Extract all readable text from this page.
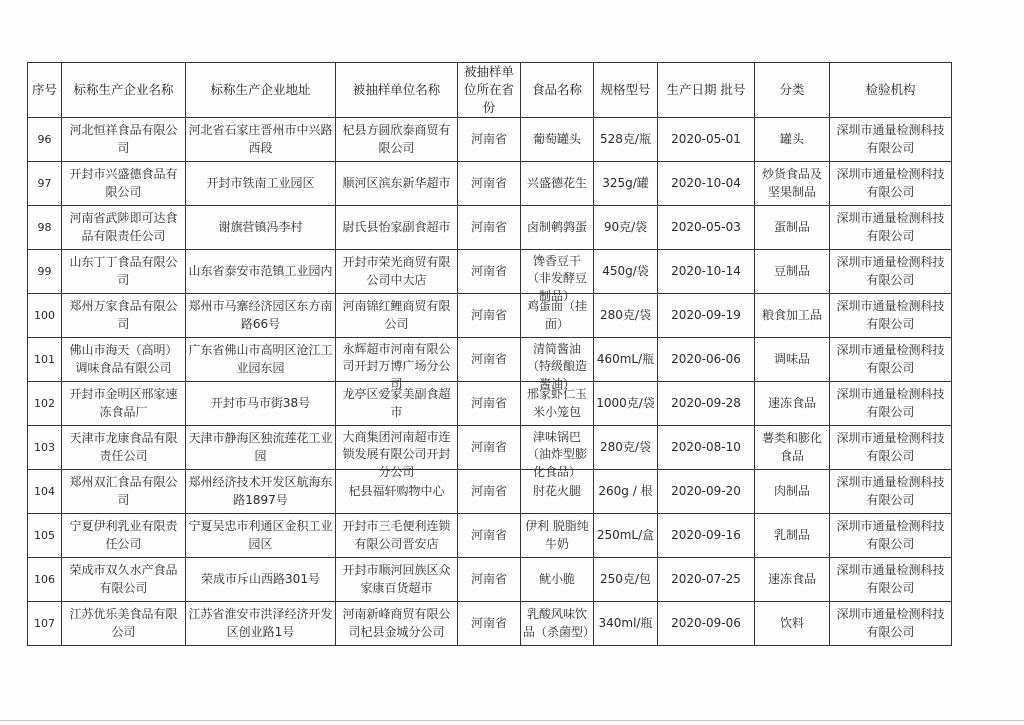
序号	标称生产企业名称	标称生产企业地址	被抽样单位名称	被抽样单位所在省份	食品名称	规格型号	生产日期 批号	分类	检验机构

96	河北恒祥食品有限公司	河北省石家庄晋州市中兴路西段	杞县方圆欣泰商贸有限公司	河南省	葡萄罐头	528克/瓶	2020-05-01	罐头	深圳市通量检测科技有限公司

97	开封市兴盛德食品有限公司	开封市铁南工业园区	顺河区滨东新华超市	河南省	兴盛德花生	325g/罐	2020-10-04	炒货食品及坚果制品	深圳市通量检测科技有限公司

98	河南省武陟即可达食品有限责任公司	谢旗营镇冯李村	尉氏县怡家副食超市	河南省	卤制鹌鹑蛋	90克/袋	2020-05-03	蛋制品	深圳市通量检测科技有限公司

99	山东丁丁食品有限公司	山东省泰安市范镇工业园内	开封市荣光商贸有限公司中大店	河南省	馋香豆干（非发酵豆制品）	450g/袋	2020-10-14	豆制品	深圳市通量检测科技有限公司

100	郑州万家食品有限公司	郑州市马寨经济园区东方南路66号	河南锦红鲤商贸有限公司	河南省	鸡蛋面（挂面）	280克/袋	2020-09-19	粮食加工品	深圳市通量检测科技有限公司

101	佛山市海天（高明）调味食品有限公司	广东省佛山市高明区沧江工业园东园	永辉超市河南有限公司开封万博广场分公司	河南省	清简酱油（特级酿造酱油）	460mL/瓶	2020-06-06	调味品	深圳市通量检测科技有限公司

102	开封市金明区邢家速冻食品厂	开封市马市街38号	龙亭区爱家美副食超市	河南省	邢家虾仁玉米小笼包	1000克/袋	2020-09-28	速冻食品	深圳市通量检测科技有限公司

103	天津市龙康食品有限责任公司	天津市静海区独流莲花工业园	大商集团河南超市连锁发展有限公司开封分公司	河南省	津味锅巴（油炸型膨化食品）	280克/袋	2020-08-10	薯类和膨化食品	深圳市通量检测科技有限公司

104	郑州双汇食品有限公司	郑州经济技术开发区航海东路1897号	杞县福轩购物中心	河南省	肘花火腿	260g / 根	2020-09-20	肉制品	深圳市通量检测科技有限公司

105	宁夏伊利乳业有限责任公司	宁夏吴忠市利通区金积工业园区	开封市三毛便利连锁有限公司晋安店	河南省	伊利 脱脂纯牛奶	250mL/盒	2020-09-16	乳制品	深圳市通量检测科技有限公司

106	荣成市双久水产食品有限公司	荣成市斥山西路301号	开封市顺河回族区众家康百货超市	河南省	鱿小脆	250克/包	2020-07-25	速冻食品	深圳市通量检测科技有限公司

107	江苏优乐美食品有限公司	江苏省淮安市洪泽经济开发区创业路1号	河南新峰商贸有限公司杞县金城分公司	河南省	乳酸风味饮品（杀菌型）	340ml/瓶	2020-09-06	饮料	深圳市通量检测科技有限公司
